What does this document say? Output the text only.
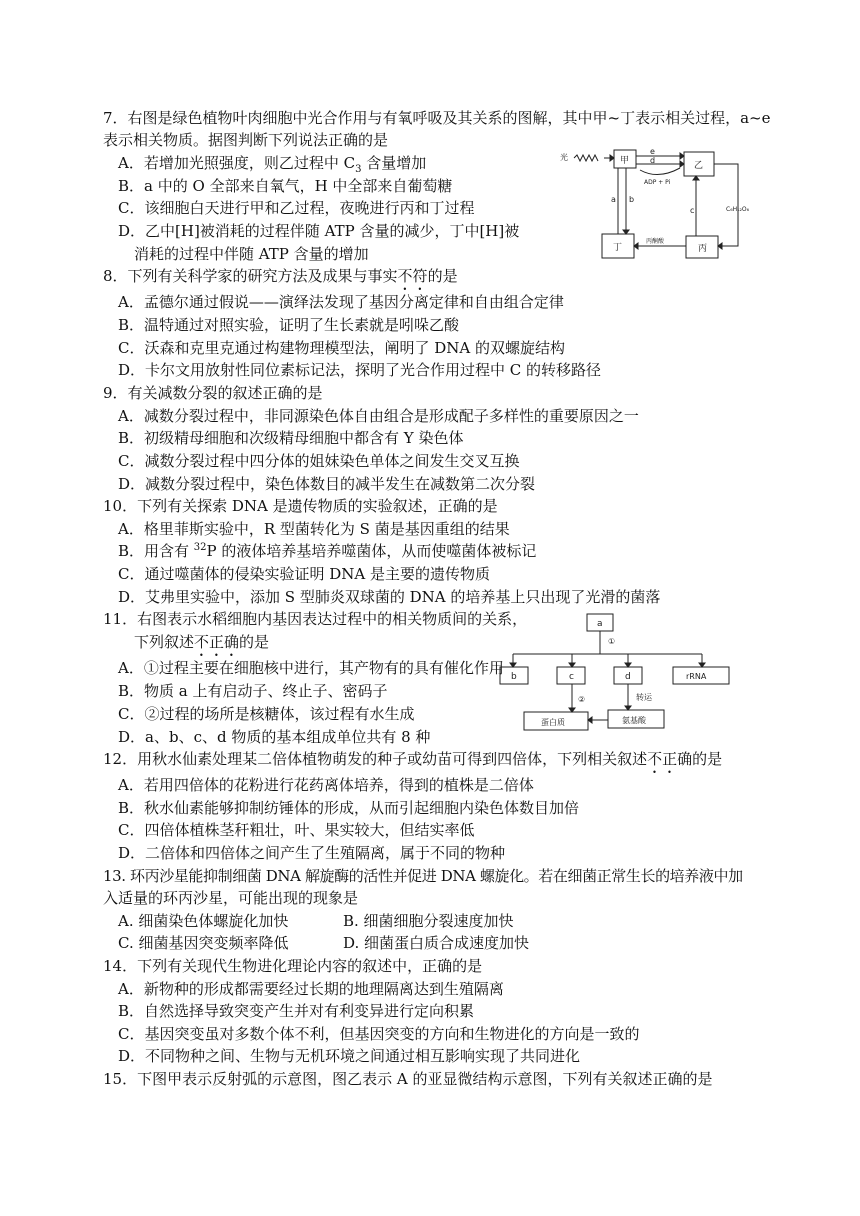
7．右图是绿色植物叶肉细胞中光合作用与有氧呼吸及其关系的图解，其中甲~丁表示相关过程，a~e
表示相关物质。据图判断下列说法正确的是
A．若增加光照强度，则乙过程中 $C_3$ 含量增加
B．a 中的 O 全部来自氧气，H 中全部来自葡萄糖
C．该细胞白天进行甲和乙过程，夜晚进行丙和丁过程
D．乙中[H]被消耗的过程伴随 ATP 含量的减少，丁中[H]被
消耗的过程中伴随 ATP 含量的增加
光	甲	乙
丙
丁
e
d
ADP + Pi
a b
c	C₆H₁₂O₆
丙酮酸
8．下列有关科学家的研究方法及成果与事实不符的是
A．孟德尔通过假说——演绎法发现了基因分离定律和自由组合定律
B．温特通过对照实验，证明了生长素就是吲哚乙酸
C．沃森和克里克通过构建物理模型法，阐明了 DNA 的双螺旋结构
D．卡尔文用放射性同位素标记法，探明了光合作用过程中 C 的转移路径
9．有关减数分裂的叙述正确的是
A．减数分裂过程中，非同源染色体自由组合是形成配子多样性的重要原因之一
B．初级精母细胞和次级精母细胞中都含有 Y 染色体
C．减数分裂过程中四分体的姐妹染色单体之间发生交叉互换
D．减数分裂过程中，染色体数目的减半发生在减数第二次分裂
10．下列有关探索 DNA 是遗传物质的实验叙述，正确的是
A．格里菲斯实验中，R 型菌转化为 S 菌是基因重组的结果
B．用含有 $^{32}$P 的液体培养基培养噬菌体，从而使噬菌体被标记
C．通过噬菌体的侵染实验证明 DNA 是主要的遗传物质
D．艾弗里实验中，添加 S 型肺炎双球菌的 DNA 的培养基上只出现了光滑的菌落
11．右图表示水稻细胞内基因表达过程中的相关物质间的关系，
下列叙述不正确的是
A．①过程主要在细胞核中进行，其产物有的具有催化作用
B．物质 a 上有启动子、终止子、密码子
C．②过程的场所是核糖体，该过程有水生成
D．a、b、c、d 物质的基本组成单位共有 8 种
a
①
b	c	d	rRNA
②	转运
蛋白质	氨基酸
12．用秋水仙素处理某二倍体植物萌发的种子或幼苗可得到四倍体，下列相关叙述不正确的是
A．若用四倍体的花粉进行花药离体培养，得到的植株是二倍体
B．秋水仙素能够抑制纺锤体的形成，从而引起细胞内染色体数目加倍
C．四倍体植株茎秆粗壮，叶、果实较大，但结实率低
D．二倍体和四倍体之间产生了生殖隔离，属于不同的物种
13. 环丙沙星能抑制细菌 DNA 解旋酶的活性并促进 DNA 螺旋化。若在细菌正常生长的培养液中加
入适量的环丙沙星，可能出现的现象是
A. 细菌染色体螺旋化加快	B. 细菌细胞分裂速度加快
C. 细菌基因突变频率降低	D. 细菌蛋白质合成速度加快
14．下列有关现代生物进化理论内容的叙述中，正确的是
A．新物种的形成都需要经过长期的地理隔离达到生殖隔离
B．自然选择导致突变产生并对有利变异进行定向积累
C．基因突变虽对多数个体不利，但基因突变的方向和生物进化的方向是一致的
D．不同物种之间、生物与无机环境之间通过相互影响实现了共同进化
15．下图甲表示反射弧的示意图，图乙表示 A 的亚显微结构示意图，下列有关叙述正确的是
